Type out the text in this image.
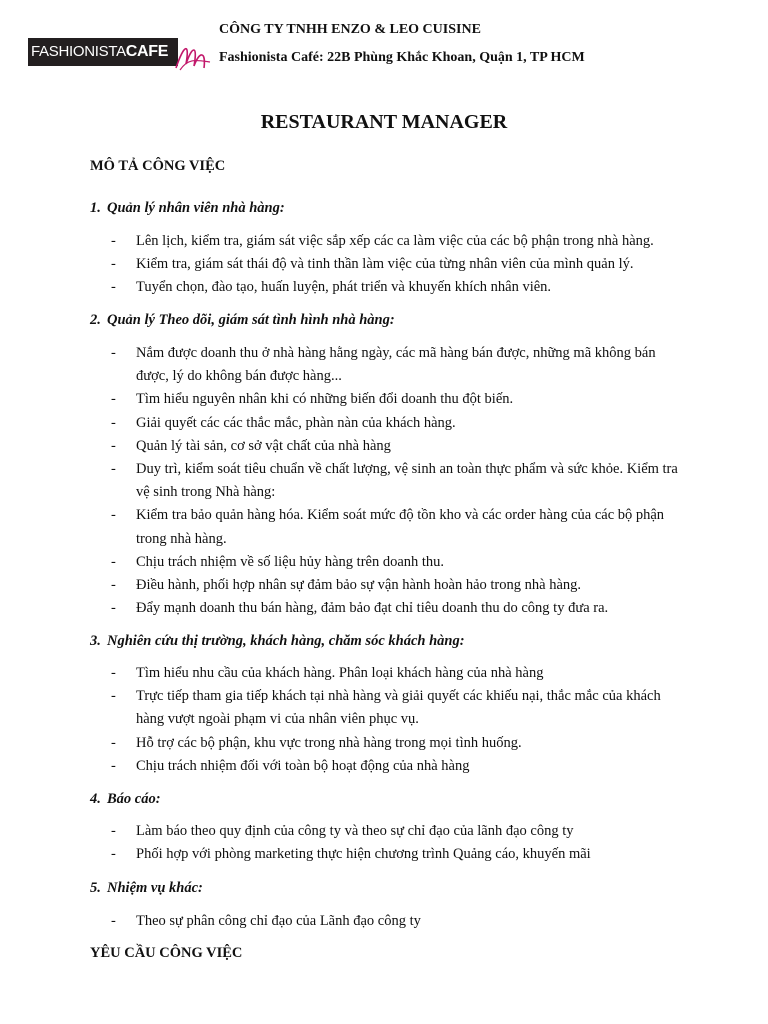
FASHIONISTACAFE
CÔNG TY TNHH ENZO & LEO CUISINE
Fashionista Café: 22B Phùng Khắc Khoan, Quận 1, TP HCM
RESTAURANT MANAGER
MÔ TẢ CÔNG VIỆC
1. Quản lý nhân viên nhà hàng:
- Lên lịch, kiểm tra, giám sát việc sắp xếp các ca làm việc của các bộ phận trong nhà hàng.
- Kiểm tra, giám sát thái độ và tinh thần làm việc của từng nhân viên của mình quản lý.
- Tuyển chọn, đào tạo, huấn luyện, phát triển và khuyến khích nhân viên.
2. Quản lý Theo dõi, giám sát tình hình nhà hàng:
- Nắm được doanh thu ở nhà hàng hằng ngày, các mã hàng bán được, những mã không bán được, lý do không bán được hàng...
- Tìm hiểu nguyên nhân khi có những biến đổi doanh thu đột biến.
- Giải quyết các các thắc mắc, phàn nàn của khách hàng.
- Quản lý tài sản, cơ sở vật chất của nhà hàng
- Duy trì, kiểm soát tiêu chuẩn về chất lượng, vệ sinh an toàn thực phẩm và sức khỏe. Kiểm tra vệ sinh trong Nhà hàng:
- Kiểm tra bảo quản hàng hóa. Kiểm soát mức độ tồn kho và các order hàng của các bộ phận trong nhà hàng.
- Chịu trách nhiệm về số liệu hủy hàng trên doanh thu.
- Điều hành, phối hợp nhân sự đảm bảo sự vận hành hoàn hảo trong nhà hàng.
- Đẩy mạnh doanh thu bán hàng, đảm bảo đạt chỉ tiêu doanh thu do công ty đưa ra.
3. Nghiên cứu thị trường, khách hàng, chăm sóc khách hàng:
- Tìm hiểu nhu cầu của khách hàng. Phân loại khách hàng của nhà hàng
- Trực tiếp tham gia tiếp khách tại nhà hàng và giải quyết các khiếu nại, thắc mắc của khách hàng vượt ngoài phạm vi của nhân viên phục vụ.
- Hỗ trợ các bộ phận, khu vực trong nhà hàng trong mọi tình huống.
- Chịu trách nhiệm đối với toàn bộ hoạt động của nhà hàng
4. Báo cáo:
- Làm báo theo quy định của công ty và theo sự chỉ đạo của lãnh đạo công ty
- Phối hợp với phòng marketing thực hiện chương trình Quảng cáo, khuyến mãi
5. Nhiệm vụ khác:
- Theo sự phân công chỉ đạo của Lãnh đạo công ty
YÊU CẦU CÔNG VIỆC
